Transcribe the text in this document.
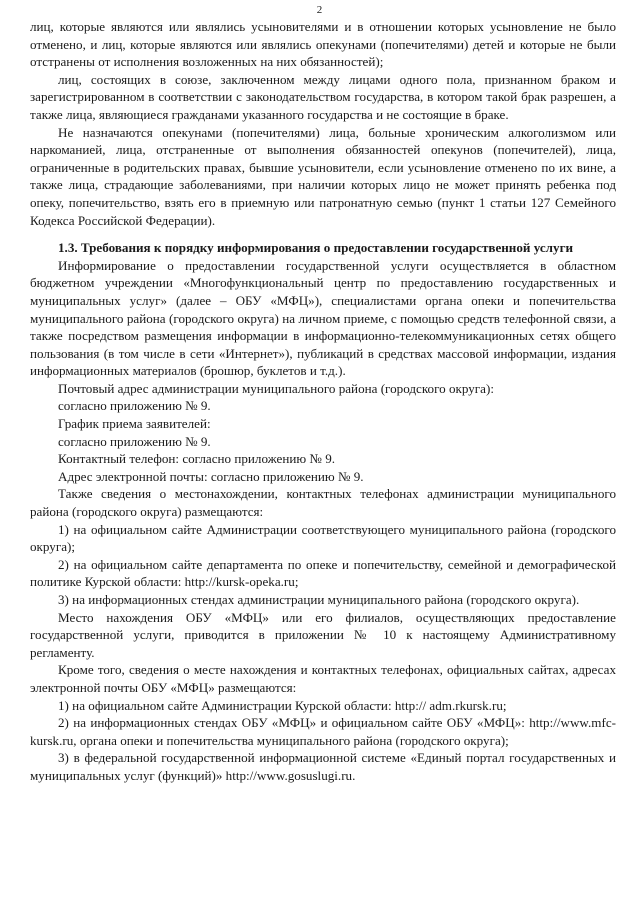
2

лиц, которые являются или являлись усыновителями и в отношении которых усыновление не было отменено, и лиц, которые являются или являлись опекунами (попечителями) детей и которые не были отстранены от исполнения возложенных на них обязанностей);

лиц, состоящих в союзе, заключенном между лицами одного пола, признанном браком и зарегистрированном в соответствии с законодательством государства, в котором такой брак разрешен, а также лица, являющиеся гражданами указанного государства и не состоящие в браке.

Не назначаются опекунами (попечителями) лица, больные хроническим алкоголизмом или наркоманией, лица, отстраненные от выполнения обязанностей опекунов (попечителей), лица, ограниченные в родительских правах, бывшие усыновители, если усыновление отменено по их вине, а также лица, страдающие заболеваниями, при наличии которых лицо не может принять ребенка под опеку, попечительство, взять его в приемную или патронатную семью (пункт 1 статьи 127 Семейного Кодекса Российской Федерации).

1.3. Требования к порядку информирования о предоставлении государственной услуги

Информирование о предоставлении государственной услуги осуществляется в областном бюджетном учреждении «Многофункциональный центр по предоставлению государственных и муниципальных услуг» (далее – ОБУ «МФЦ»), специалистами органа опеки и попечительства муниципального района (городского округа) на личном приеме, с помощью средств телефонной связи, а также посредством размещения информации в информационно-телекоммуникационных сетях общего пользования (в том числе в сети «Интернет»), публикаций в средствах массовой информации, издания информационных материалов (брошюр, буклетов и т.д.).

Почтовый адрес администрации муниципального района (городского округа):

согласно приложению № 9.

График приема заявителей:

согласно приложению № 9.

Контактный телефон: согласно приложению № 9.

Адрес электронной почты: согласно приложению № 9.

Также сведения о местонахождении, контактных телефонах администрации муниципального района (городского округа) размещаются:

1) на официальном сайте Администрации соответствующего муниципального района (городского округа);

2) на официальном сайте департамента по опеке и попечительству, семейной и демографической политике Курской области: http://kursk-opeka.ru;

3) на информационных стендах администрации муниципального района (городского округа).

Место нахождения ОБУ «МФЦ» или его филиалов, осуществляющих предоставление государственной услуги, приводится в приложении № 10 к настоящему Административному регламенту.

Кроме того, сведения о месте нахождения и контактных телефонах, официальных сайтах, адресах электронной почты ОБУ «МФЦ» размещаются:

1) на официальном сайте Администрации Курской области: http:// adm.rkursk.ru;

2) на информационных стендах ОБУ «МФЦ» и официальном сайте ОБУ «МФЦ»: http://www.mfc-kursk.ru, органа опеки и попечительства муниципального района (городского округа);

3) в федеральной государственной информационной системе «Единый портал государственных и муниципальных услуг (функций)» http://www.gosuslugi.ru.
